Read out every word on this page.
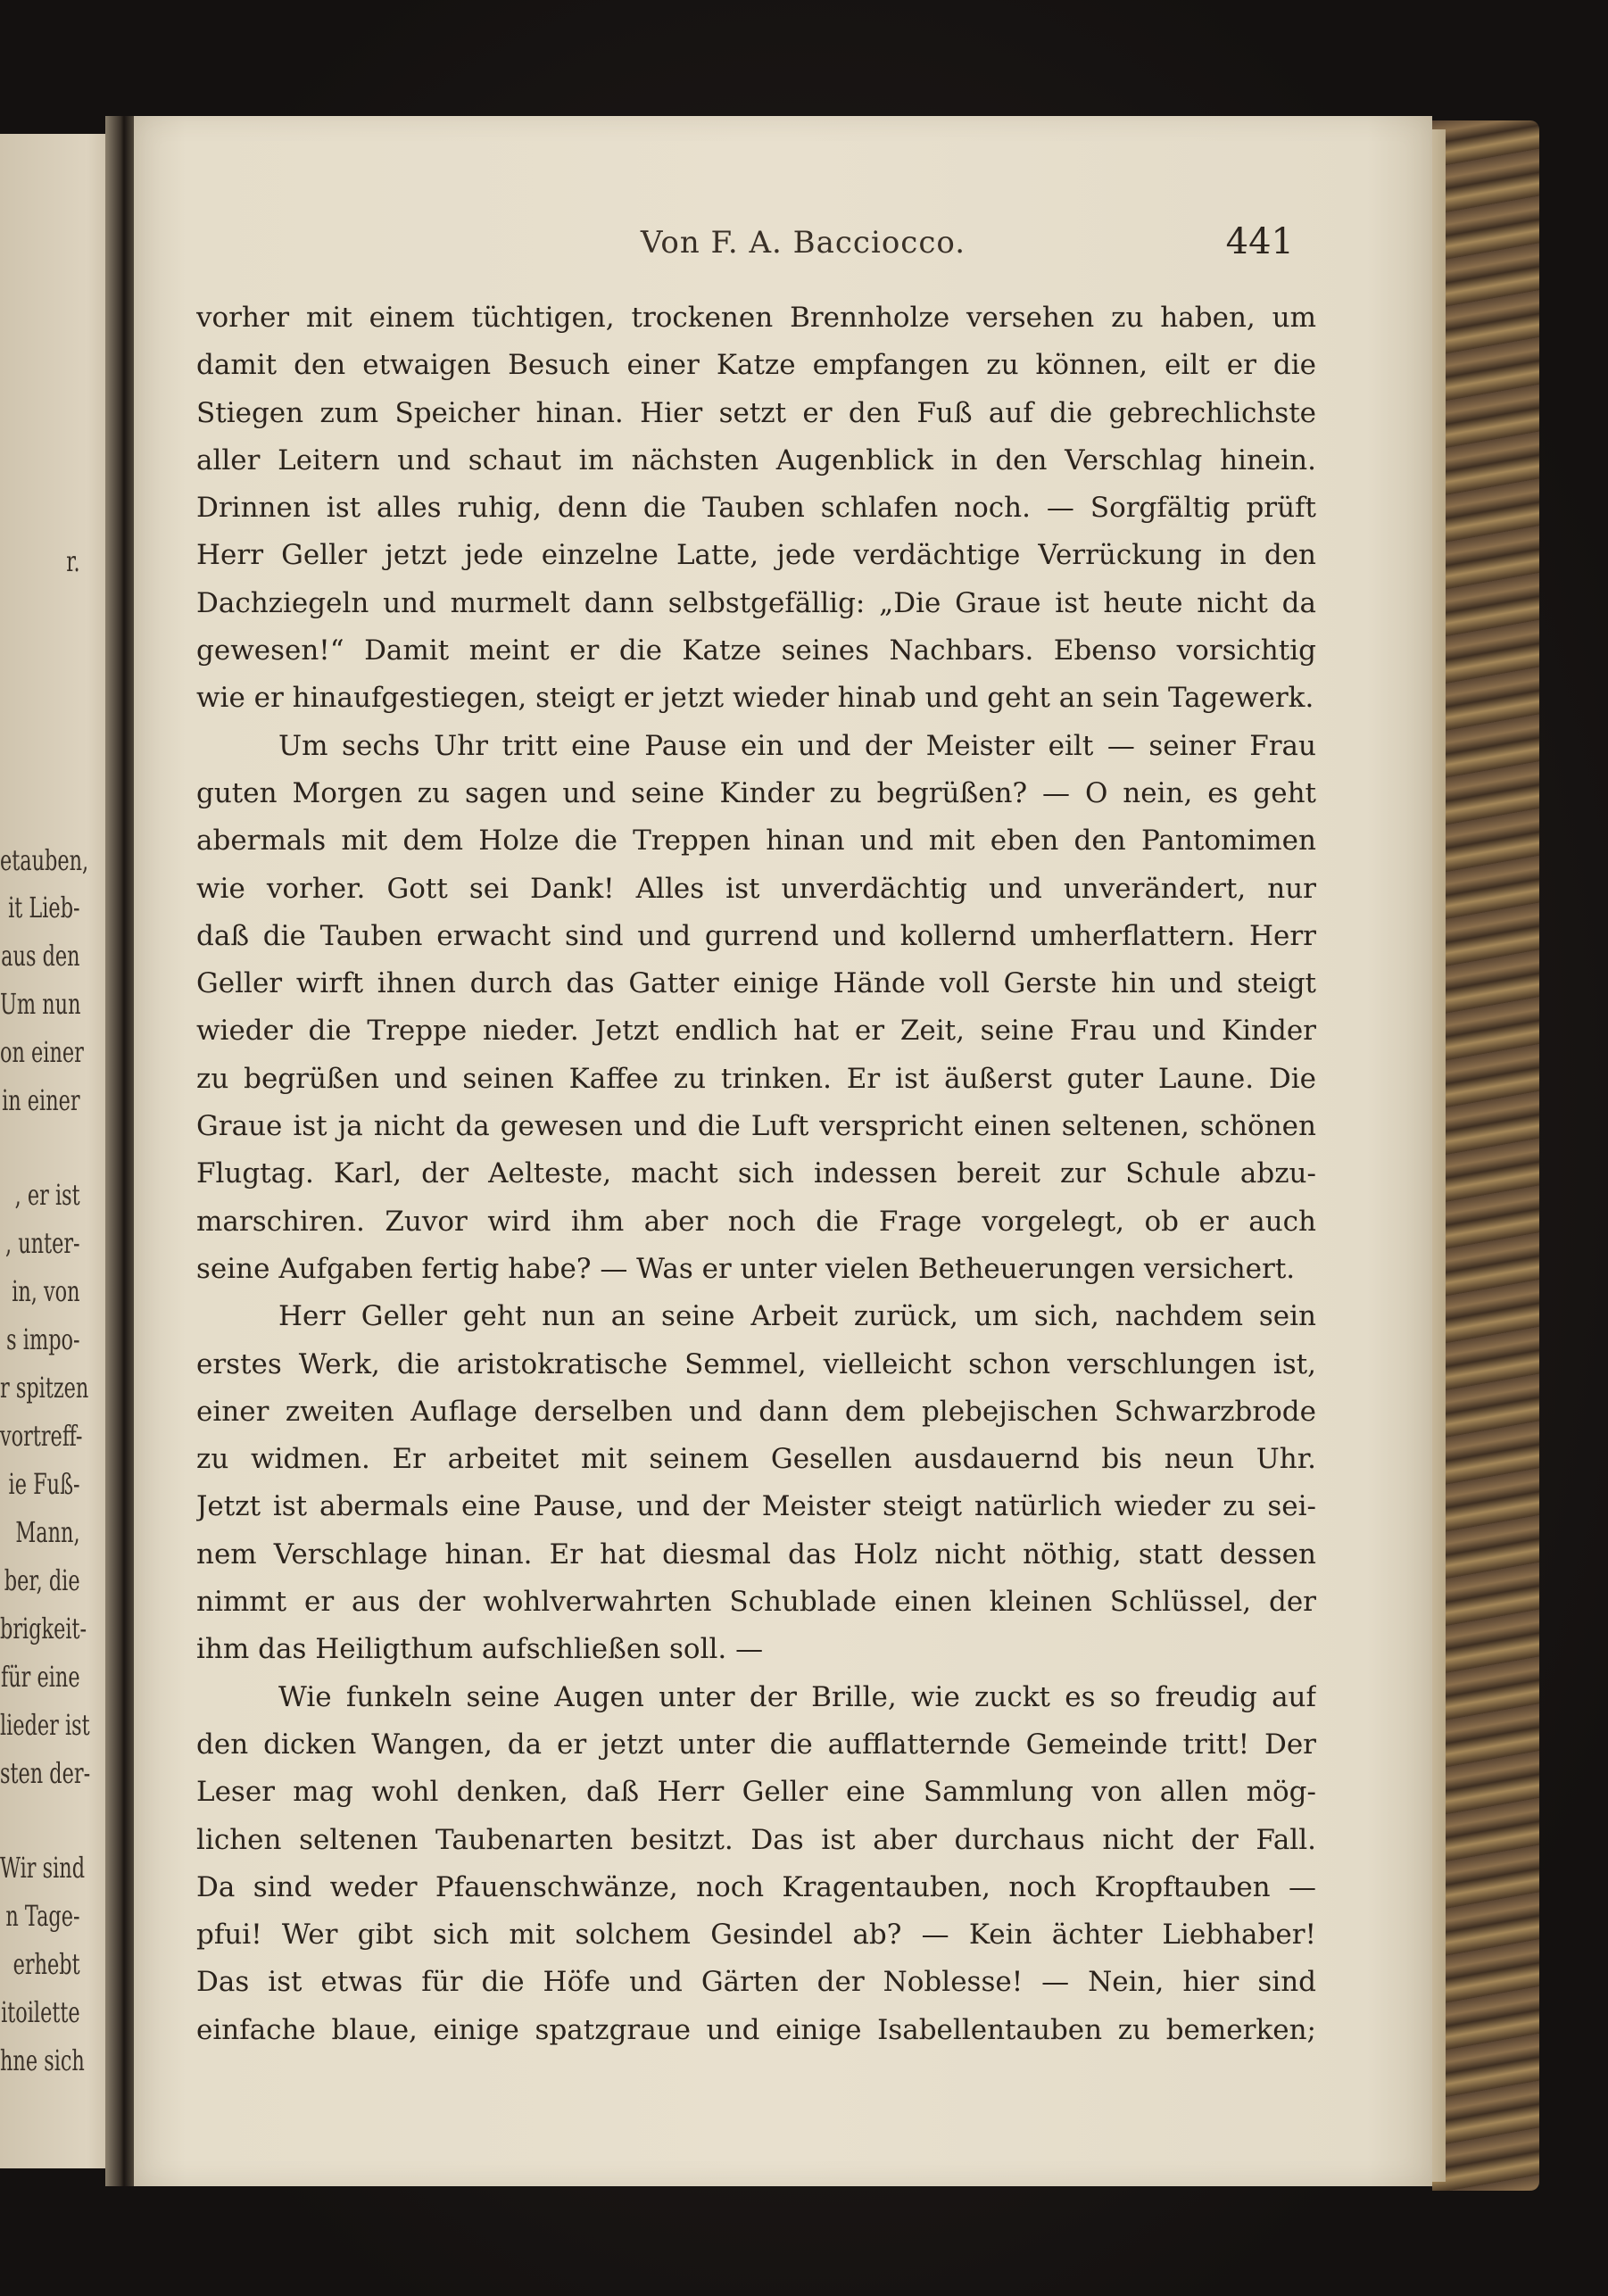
r.
etauben,
it Lieb-
aus den
Um nun
on einer
in einer
, er ist
, unter-
in, von
s impo-
r spitzen
vortreff-
ie Fuß-
Mann,
ber, die
brigkeit-
für eine
lieder ist
sten der-
Wir sind
n Tage-
erhebt
itoilette
hne sich
Von F. A. Bacciocco.	441
vorher mit einem tüchtigen, trockenen Brennholze versehen zu haben, um
damit den etwaigen Besuch einer Katze empfangen zu können, eilt er die
Stiegen zum Speicher hinan. Hier setzt er den Fuß auf die gebrechlichste
aller Leitern und schaut im nächsten Augenblick in den Verschlag hinein.
Drinnen ist alles ruhig, denn die Tauben schlafen noch. — Sorgfältig prüft
Herr Geller jetzt jede einzelne Latte, jede verdächtige Verrückung in den
Dachziegeln und murmelt dann selbstgefällig: „Die Graue ist heute nicht da
gewesen!“ Damit meint er die Katze seines Nachbars. Ebenso vorsichtig
wie er hinaufgestiegen, steigt er jetzt wieder hinab und geht an sein Tagewerk.
Um sechs Uhr tritt eine Pause ein und der Meister eilt — seiner Frau
guten Morgen zu sagen und seine Kinder zu begrüßen? — O nein, es geht
abermals mit dem Holze die Treppen hinan und mit eben den Pantomimen
wie vorher. Gott sei Dank! Alles ist unverdächtig und unverändert, nur
daß die Tauben erwacht sind und gurrend und kollernd umherflattern. Herr
Geller wirft ihnen durch das Gatter einige Hände voll Gerste hin und steigt
wieder die Treppe nieder. Jetzt endlich hat er Zeit, seine Frau und Kinder
zu begrüßen und seinen Kaffee zu trinken. Er ist äußerst guter Laune. Die
Graue ist ja nicht da gewesen und die Luft verspricht einen seltenen, schönen
Flugtag. Karl, der Aelteste, macht sich indessen bereit zur Schule abzu-
marschiren. Zuvor wird ihm aber noch die Frage vorgelegt, ob er auch
seine Aufgaben fertig habe? — Was er unter vielen Betheuerungen versichert.
Herr Geller geht nun an seine Arbeit zurück, um sich, nachdem sein
erstes Werk, die aristokratische Semmel, vielleicht schon verschlungen ist,
einer zweiten Auflage derselben und dann dem plebejischen Schwarzbrode
zu widmen. Er arbeitet mit seinem Gesellen ausdauernd bis neun Uhr.
Jetzt ist abermals eine Pause, und der Meister steigt natürlich wieder zu sei-
nem Verschlage hinan. Er hat diesmal das Holz nicht nöthig, statt dessen
nimmt er aus der wohlverwahrten Schublade einen kleinen Schlüssel, der
ihm das Heiligthum aufschließen soll. —
Wie funkeln seine Augen unter der Brille, wie zuckt es so freudig auf
den dicken Wangen, da er jetzt unter die aufflatternde Gemeinde tritt! Der
Leser mag wohl denken, daß Herr Geller eine Sammlung von allen mög-
lichen seltenen Taubenarten besitzt. Das ist aber durchaus nicht der Fall.
Da sind weder Pfauenschwänze, noch Kragentauben, noch Kropftauben —
pfui! Wer gibt sich mit solchem Gesindel ab? — Kein ächter Liebhaber!
Das ist etwas für die Höfe und Gärten der Noblesse! — Nein, hier sind
einfache blaue, einige spatzgraue und einige Isabellentauben zu bemerken;
